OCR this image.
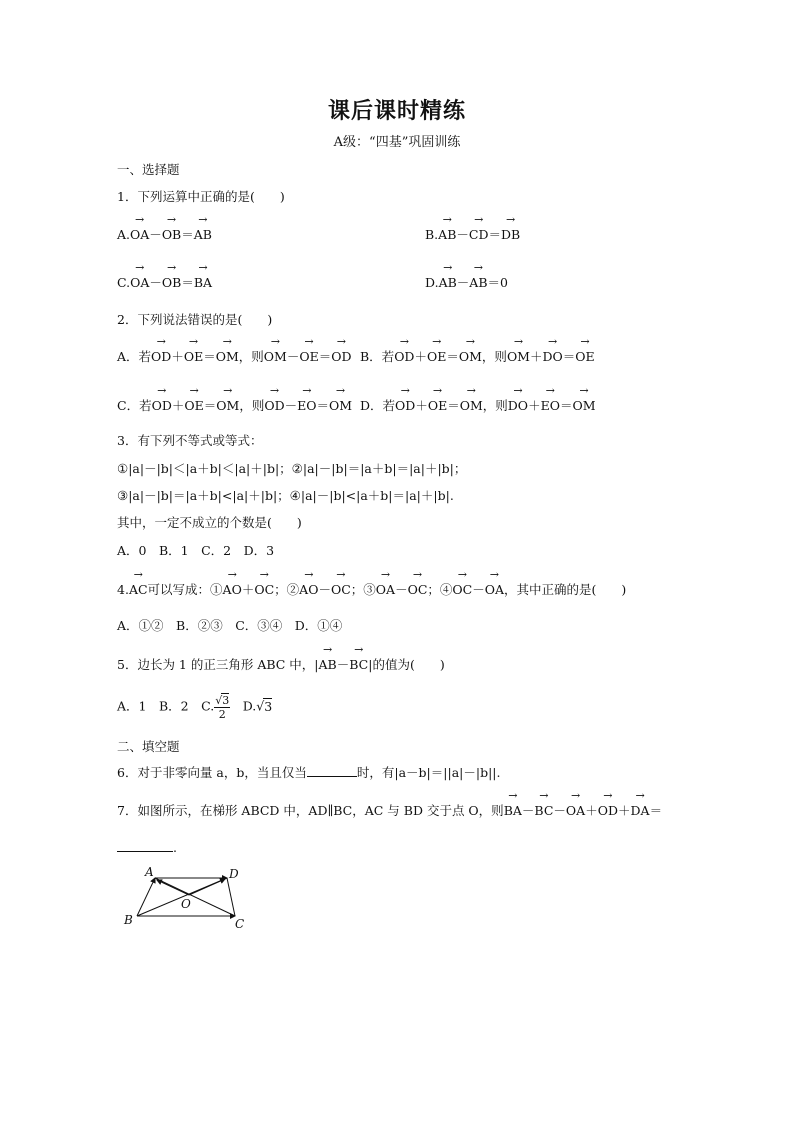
课后课时精练
A级：“四基”巩固训练
一、选择题
1．下列运算中正确的是(　　)
A.→ OA－→ OB＝→ AB	B.→ AB－→ CD＝→ DB
C.→ OA－→ OB＝→ BA	D.→ AB－→ AB＝0
2．下列说法错误的是(　　)
A．若→ OD＋→ OE＝→ OM，则→ OM－→ OE＝→ OD B．若→ OD＋→ OE＝→ OM，则→ OM＋→ DO＝→ OE
C．若→ OD＋→ OE＝→ OM，则→ OD－→ EO＝→ OM D．若→ OD＋→ OE＝→ OM，则→ DO＋→ EO＝→ OM
3．有下列不等式或等式：
①|a|－|b|＜|a＋b|＜|a|＋|b|；②|a|－|b|＝|a＋b|＝|a|＋|b|；
③|a|－|b|＝|a＋b|<|a|＋|b|；④|a|－|b|<|a＋b|＝|a|＋|b|.
其中，一定不成立的个数是(　　)
A．0　B．1　C．2　D．3
4.→ AC可以写成：①→ AO＋→ OC；②→ AO－→ OC；③→ OA－→ OC；④→ OC－→ OA，其中正确的是(　　)
A．①②　B．②③　C．③④　D．①④
5．边长为 1 的正三角形 ABC 中，|→ AB－→ BC|的值为(　　)
A．1　B．2　C. $\frac{√3}{2}$ 　D.√3
二、填空题
6．对于非零向量 a，b，当且仅当	时，有|a－b|＝||a|－|b||.
7．如图所示，在梯形 ABCD 中，AD∥BC，AC 与 BD 交于点 O，则→ BA－→ BC－→ OA＋→ OD＋→ DA＝
.
A	D
B	C
O
